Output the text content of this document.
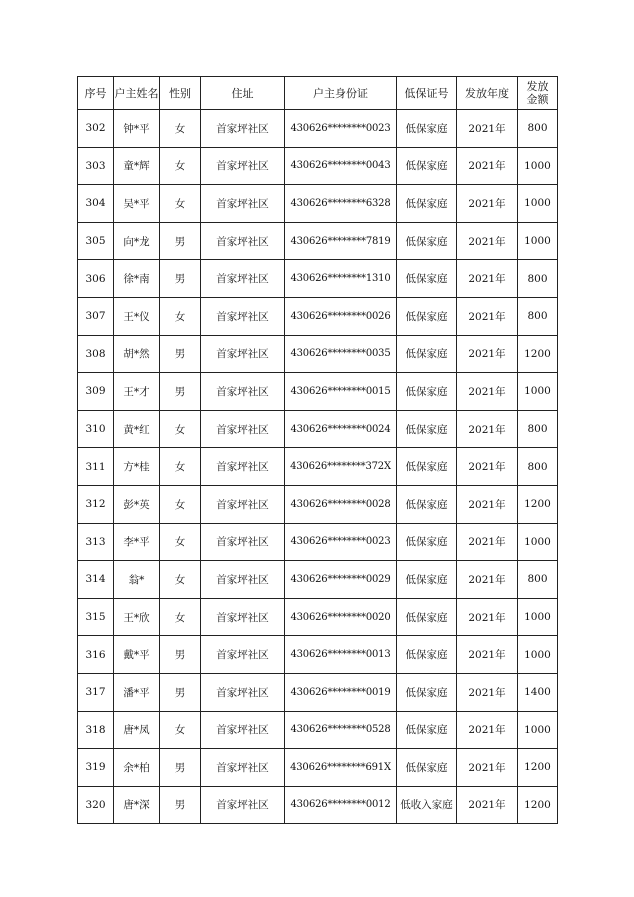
序号	户主姓名	性别	住址	户主身份证	低保证号	发放年度	发放金额
302	钟*平	女	首家坪社区	430626********0023	低保家庭	2021年	800
303	童*辉	女	首家坪社区	430626********0043	低保家庭	2021年	1000
304	吴*平	女	首家坪社区	430626********6328	低保家庭	2021年	1000
305	向*龙	男	首家坪社区	430626********7819	低保家庭	2021年	1000
306	徐*南	男	首家坪社区	430626********1310	低保家庭	2021年	800
307	王*仪	女	首家坪社区	430626********0026	低保家庭	2021年	800
308	胡*然	男	首家坪社区	430626********0035	低保家庭	2021年	1200
309	王*才	男	首家坪社区	430626********0015	低保家庭	2021年	1000
310	黄*红	女	首家坪社区	430626********0024	低保家庭	2021年	800
311	方*桂	女	首家坪社区	430626********372X	低保家庭	2021年	800
312	彭*英	女	首家坪社区	430626********0028	低保家庭	2021年	1200
313	李*平	女	首家坪社区	430626********0023	低保家庭	2021年	1000
314	翁*	女	首家坪社区	430626********0029	低保家庭	2021年	800
315	王*欣	女	首家坪社区	430626********0020	低保家庭	2021年	1000
316	戴*平	男	首家坪社区	430626********0013	低保家庭	2021年	1000
317	潘*平	男	首家坪社区	430626********0019	低保家庭	2021年	1400
318	唐*凤	女	首家坪社区	430626********0528	低保家庭	2021年	1000
319	余*柏	男	首家坪社区	430626********691X	低保家庭	2021年	1200
320	唐*深	男	首家坪社区	430626********0012	低收入家庭	2021年	1200
